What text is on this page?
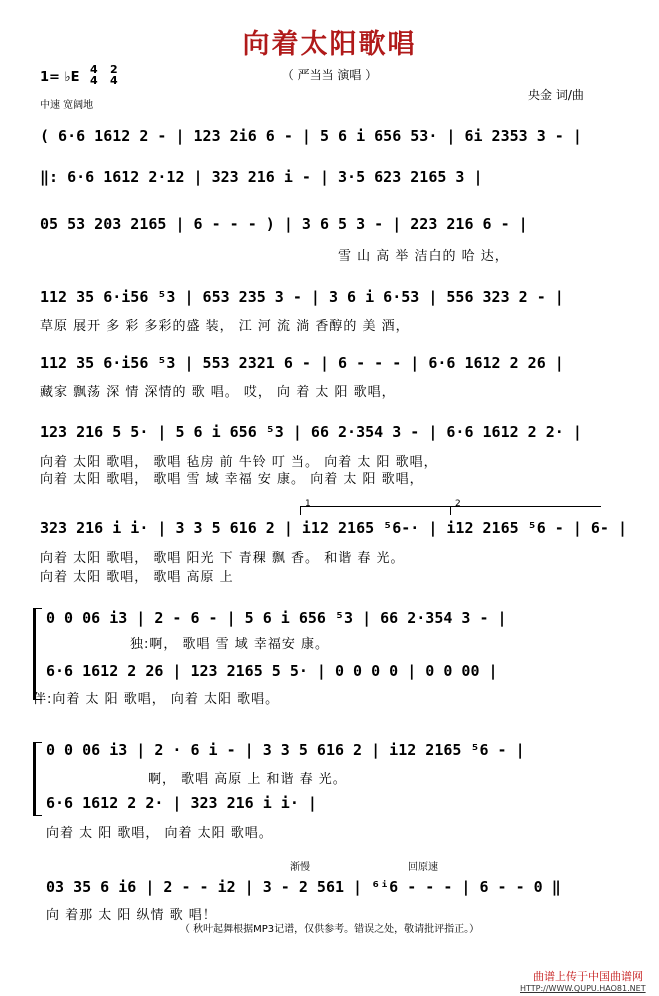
向着太阳歌唱
（ 严当当 演唱 ）
1= ♭E
4
4
2
4
中速 宽阔地
央金 词/曲
( 6·6 1612 2 - | 123 2i6 6 - | 5 6 i 656 53· | 6i 2353 3 - |
‖: 6·6 1612 2·12 | 323 216 i - | 3·5 623 2165 3 |
05 53 203 2165 | 6 - - - ) | 3 6 5 3 - | 223 216 6 - |
雪 山 高 举 洁白的 哈 达，
112 35 6·i56 ⁵3 | 653 235 3 - | 3 6 i 6·53 | 556 323 2 - |
草原 展开 多 彩 多彩的盛 装， 江 河 流 淌 香醇的 美 酒，
112 35 6·i56 ⁵3 | 553 2321 6 - | 6 - - - | 6·6 1612 2 26 |
藏家 飘荡 深 情 深情的 歌 唱。 哎， 向 着 太 阳 歌唱，
123 216 5 5· | 5 6 i 656 ⁵3 | 66 2·354 3 - | 6·6 1612 2 2· |
向着 太阳 歌唱， 歌唱 毡房 前 牛铃 叮 当。 向着 太 阳 歌唱，
向着 太阳 歌唱， 歌唱 雪 域 幸福 安 康。 向着 太 阳 歌唱，
1	2
323 216 i i· | 3 3 5 616 2 | i12 2165 ⁵6-· | i12 2165 ⁵6 - | 6- |
向着 太阳 歌唱， 歌唱 阳光 下 青稞 飘 香。 和谐 春 光。
向着 太阳 歌唱， 歌唱 高原 上
0 0 06 i3 | 2 - 6 - | 5 6 i 656 ⁵3 | 66 2·354 3 - |
独:啊， 歌唱 雪 域 幸福安 康。
6·6 1612 2 26 | 123 2165 5 5· | 0 0 0 0 | 0 0 00 |
伴:向着 太 阳 歌唱， 向着 太阳 歌唱。
0 0 06 i3 | 2 · 6 i - | 3 3 5 616 2 | i12 2165 ⁵6 - |
啊， 歌唱 高原 上 和谐 春 光。
6·6 1612 2 2· | 323 216 i i· |
向着 太 阳 歌唱， 向着 太阳 歌唱。
渐慢	回原速
03 35 6 i6 | 2 - - i2 | 3 - 2 561 | ⁶ⁱ6 - - - | 6 - - 0 ‖
向 着那 太 阳 纵情 歌 唱！
（ 秋叶起舞根据MP3记谱，仅供参考。错误之处，敬请批评指正。）
曲谱上传于中国曲谱网
HTTP://WWW.QUPU.HAO81.NET
